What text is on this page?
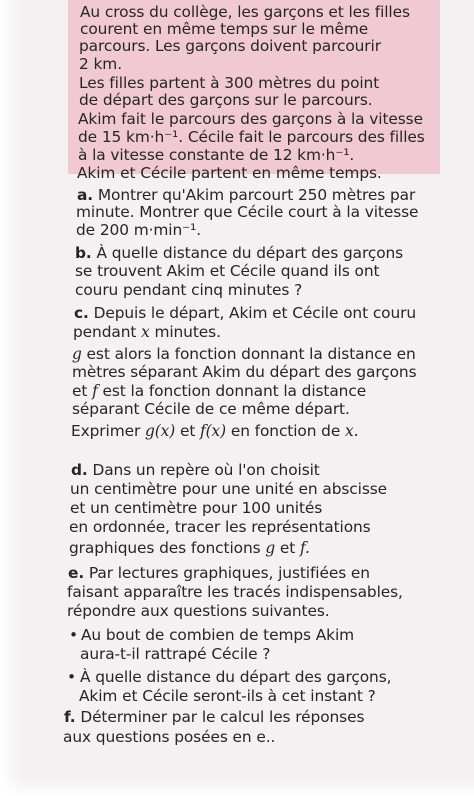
Au cross du collège, les garçons et les filles
courent en même temps sur le même
parcours. Les garçons doivent parcourir
2 km.
Les filles partent à 300 mètres du point
de départ des garçons sur le parcours.
Akim fait le parcours des garçons à la vitesse
de 15 km·h⁻¹. Cécile fait le parcours des filles
à la vitesse constante de 12 km·h⁻¹.
Akim et Cécile partent en même temps.
a. Montrer qu'Akim parcourt 250 mètres par
minute. Montrer que Cécile court à la vitesse
de 200 m·min⁻¹.
b. À quelle distance du départ des garçons
se trouvent Akim et Cécile quand ils ont
couru pendant cinq minutes ?
c. Depuis le départ, Akim et Cécile ont couru
pendant x minutes.
g est alors la fonction donnant la distance en
mètres séparant Akim du départ des garçons
et f est la fonction donnant la distance
séparant Cécile de ce même départ.
Exprimer g(x) et f(x) en fonction de x.
d. Dans un repère où l'on choisit
un centimètre pour une unité en abscisse
et un centimètre pour 100 unités
en ordonnée, tracer les représentations
graphiques des fonctions g et f.
e. Par lectures graphiques, justifiées en
faisant apparaître les tracés indispensables,
répondre aux questions suivantes.
• Au bout de combien de temps Akim
aura-t-il rattrapé Cécile ?
• À quelle distance du départ des garçons,
Akim et Cécile seront-ils à cet instant ?
f. Déterminer par le calcul les réponses
aux questions posées en e..
